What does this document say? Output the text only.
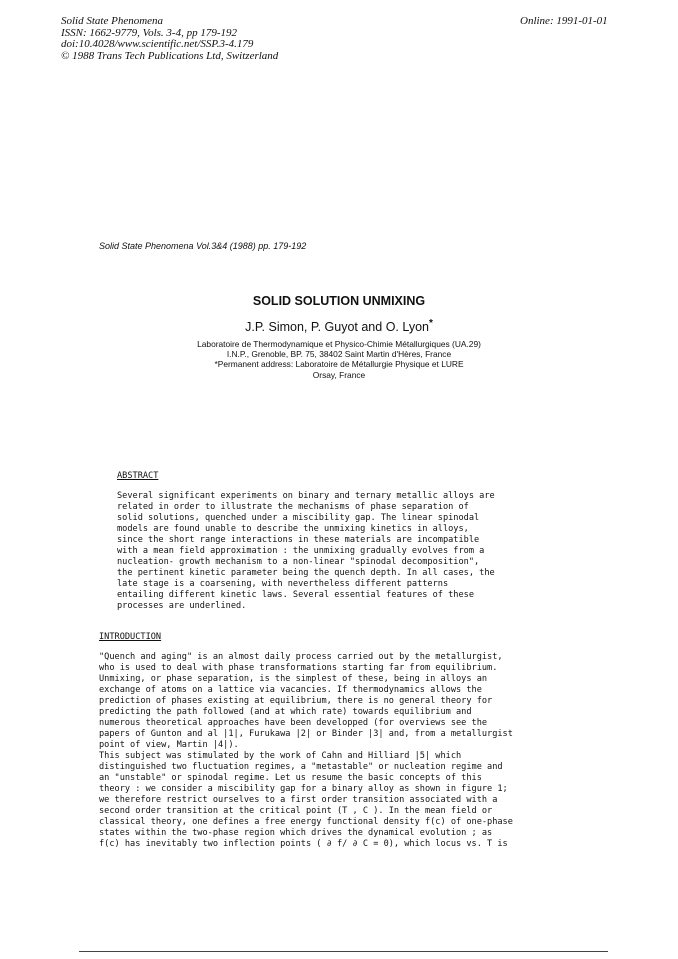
Solid State Phenomena
ISSN: 1662-9779, Vols. 3-4, pp 179-192
doi:10.4028/www.scientific.net/SSP.3-4.179
© 1988 Trans Tech Publications Ltd, Switzerland
Online: 1991-01-01
Solid State Phenomena Vol.3&4 (1988) pp. 179-192
SOLID SOLUTION UNMIXING
J.P. Simon, P. Guyot and O. Lyon*
Laboratoire de Thermodynamique et Physico-Chimie Métallurgiques (UA.29)
I.N.P., Grenoble, BP. 75, 38402 Saint Martin d'Hères, France
*Permanent address: Laboratoire de Métallurgie Physique et LURE
Orsay, France
ABSTRACT
Several significant experiments on binary and ternary metallic alloys are
related in order to illustrate the mechanisms of phase separation of
solid solutions, quenched under a miscibility gap. The linear spinodal
models are found unable to describe the unmixing kinetics in alloys,
since the short range interactions in these materials are incompatible
with a mean field approximation : the unmixing gradually evolves from a
nucleation- growth mechanism to a non-linear "spinodal decomposition",
the pertinent kinetic parameter being the quench depth. In all cases, the
late stage is a coarsening, with nevertheless different patterns
entailing different kinetic laws. Several essential features of these
processes are underlined.
INTRODUCTION
"Quench and aging" is an almost daily process carried out by the metallurgist,
who is used to deal with phase transformations starting far from equilibrium.
Unmixing, or phase separation, is the simplest of these, being in alloys an
exchange of atoms on a lattice via vacancies. If thermodynamics allows the
prediction of phases existing at equilibrium, there is no general theory for
predicting the path followed (and at which rate) towards equilibrium and
numerous theoretical approaches have been developped (for overviews see the
papers of Gunton and al |1|, Furukawa |2| or Binder |3| and, from a metallurgist
point of view, Martin |4|).
This subject was stimulated by the work of Cahn and Hilliard |5| which
distinguished two fluctuation regimes, a "metastable" or nucleation regime and
an "unstable" or spinodal regime. Let us resume the basic concepts of this
theory : we consider a miscibility gap for a binary alloy as shown in figure 1;
we therefore restrict ourselves to a first order transition associated with a
second order transition at the critical point (T , C ). In the mean field or
classical theory, one defines a free energy functional density f(c) of one-phase
states within the two-phase region which drives the dynamical evolution ; as
f(c) has inevitably two inflection points ( ∂ f/ ∂ C = 0), which locus vs. T is
